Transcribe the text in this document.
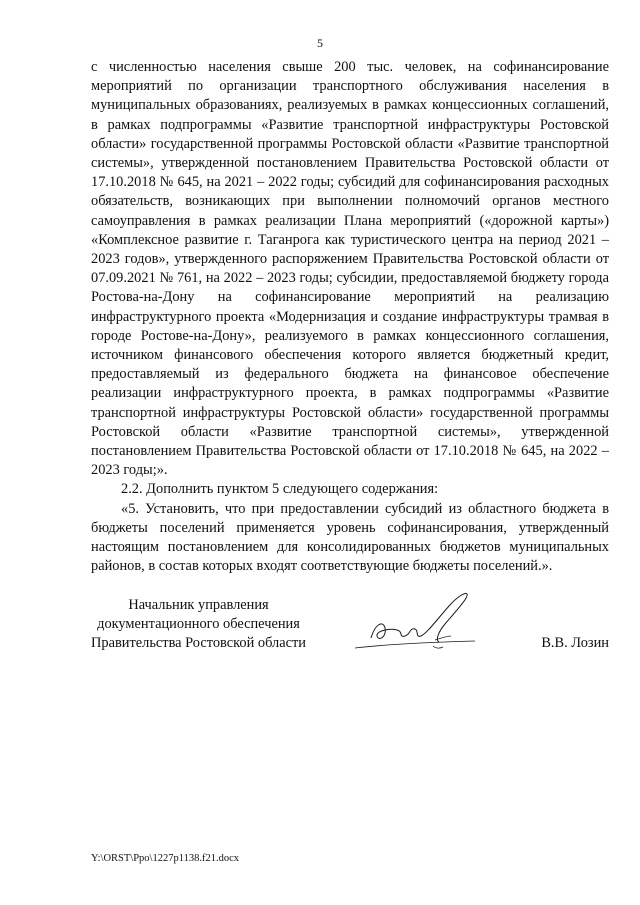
5

с численностью населения свыше 200 тыс. человек, на софинансирование мероприятий по организации транспортного обслуживания населения в муниципальных образованиях, реализуемых в рамках концессионных соглашений, в рамках подпрограммы «Развитие транспортной инфраструктуры Ростовской области» государственной программы Ростовской области «Развитие транспортной системы», утвержденной постановлением Правительства Ростовской области от 17.10.2018 № 645, на 2021 – 2022 годы; субсидий для софинансирования расходных обязательств, возникающих при выполнении полномочий органов местного самоуправления в рамках реализации Плана мероприятий («дорожной карты») «Комплексное развитие г. Таганрога как туристического центра на период 2021 – 2023 годов», утвержденного распоряжением Правительства Ростовской области от 07.09.2021 № 761, на 2022 – 2023 годы; субсидии, предоставляемой бюджету города Ростова-на-Дону на софинансирование мероприятий на реализацию инфраструктурного проекта «Модернизация и создание инфраструктуры трамвая в городе Ростове-на-Дону», реализуемого в рамках концессионного соглашения, источником финансового обеспечения которого является бюджетный кредит, предоставляемый из федерального бюджета на финансовое обеспечение реализации инфраструктурного проекта, в рамках подпрограммы «Развитие транспортной инфраструктуры Ростовской области» государственной программы Ростовской области «Развитие транспортной системы», утвержденной постановлением Правительства Ростовской области от 17.10.2018 № 645, на 2022 – 2023 годы;».

2.2. Дополнить пунктом 5 следующего содержания:

«5. Установить, что при предоставлении субсидий из областного бюджета в бюджеты поселений применяется уровень софинансирования, утвержденный настоящим постановлением для консолидированных бюджетов муниципальных районов, в состав которых входят соответствующие бюджеты поселений.».

Начальник управления
документационного обеспечения
Правительства Ростовской области	В.В. Лозин
Y:\ORST\Ppo\1227p1138.f21.docx
